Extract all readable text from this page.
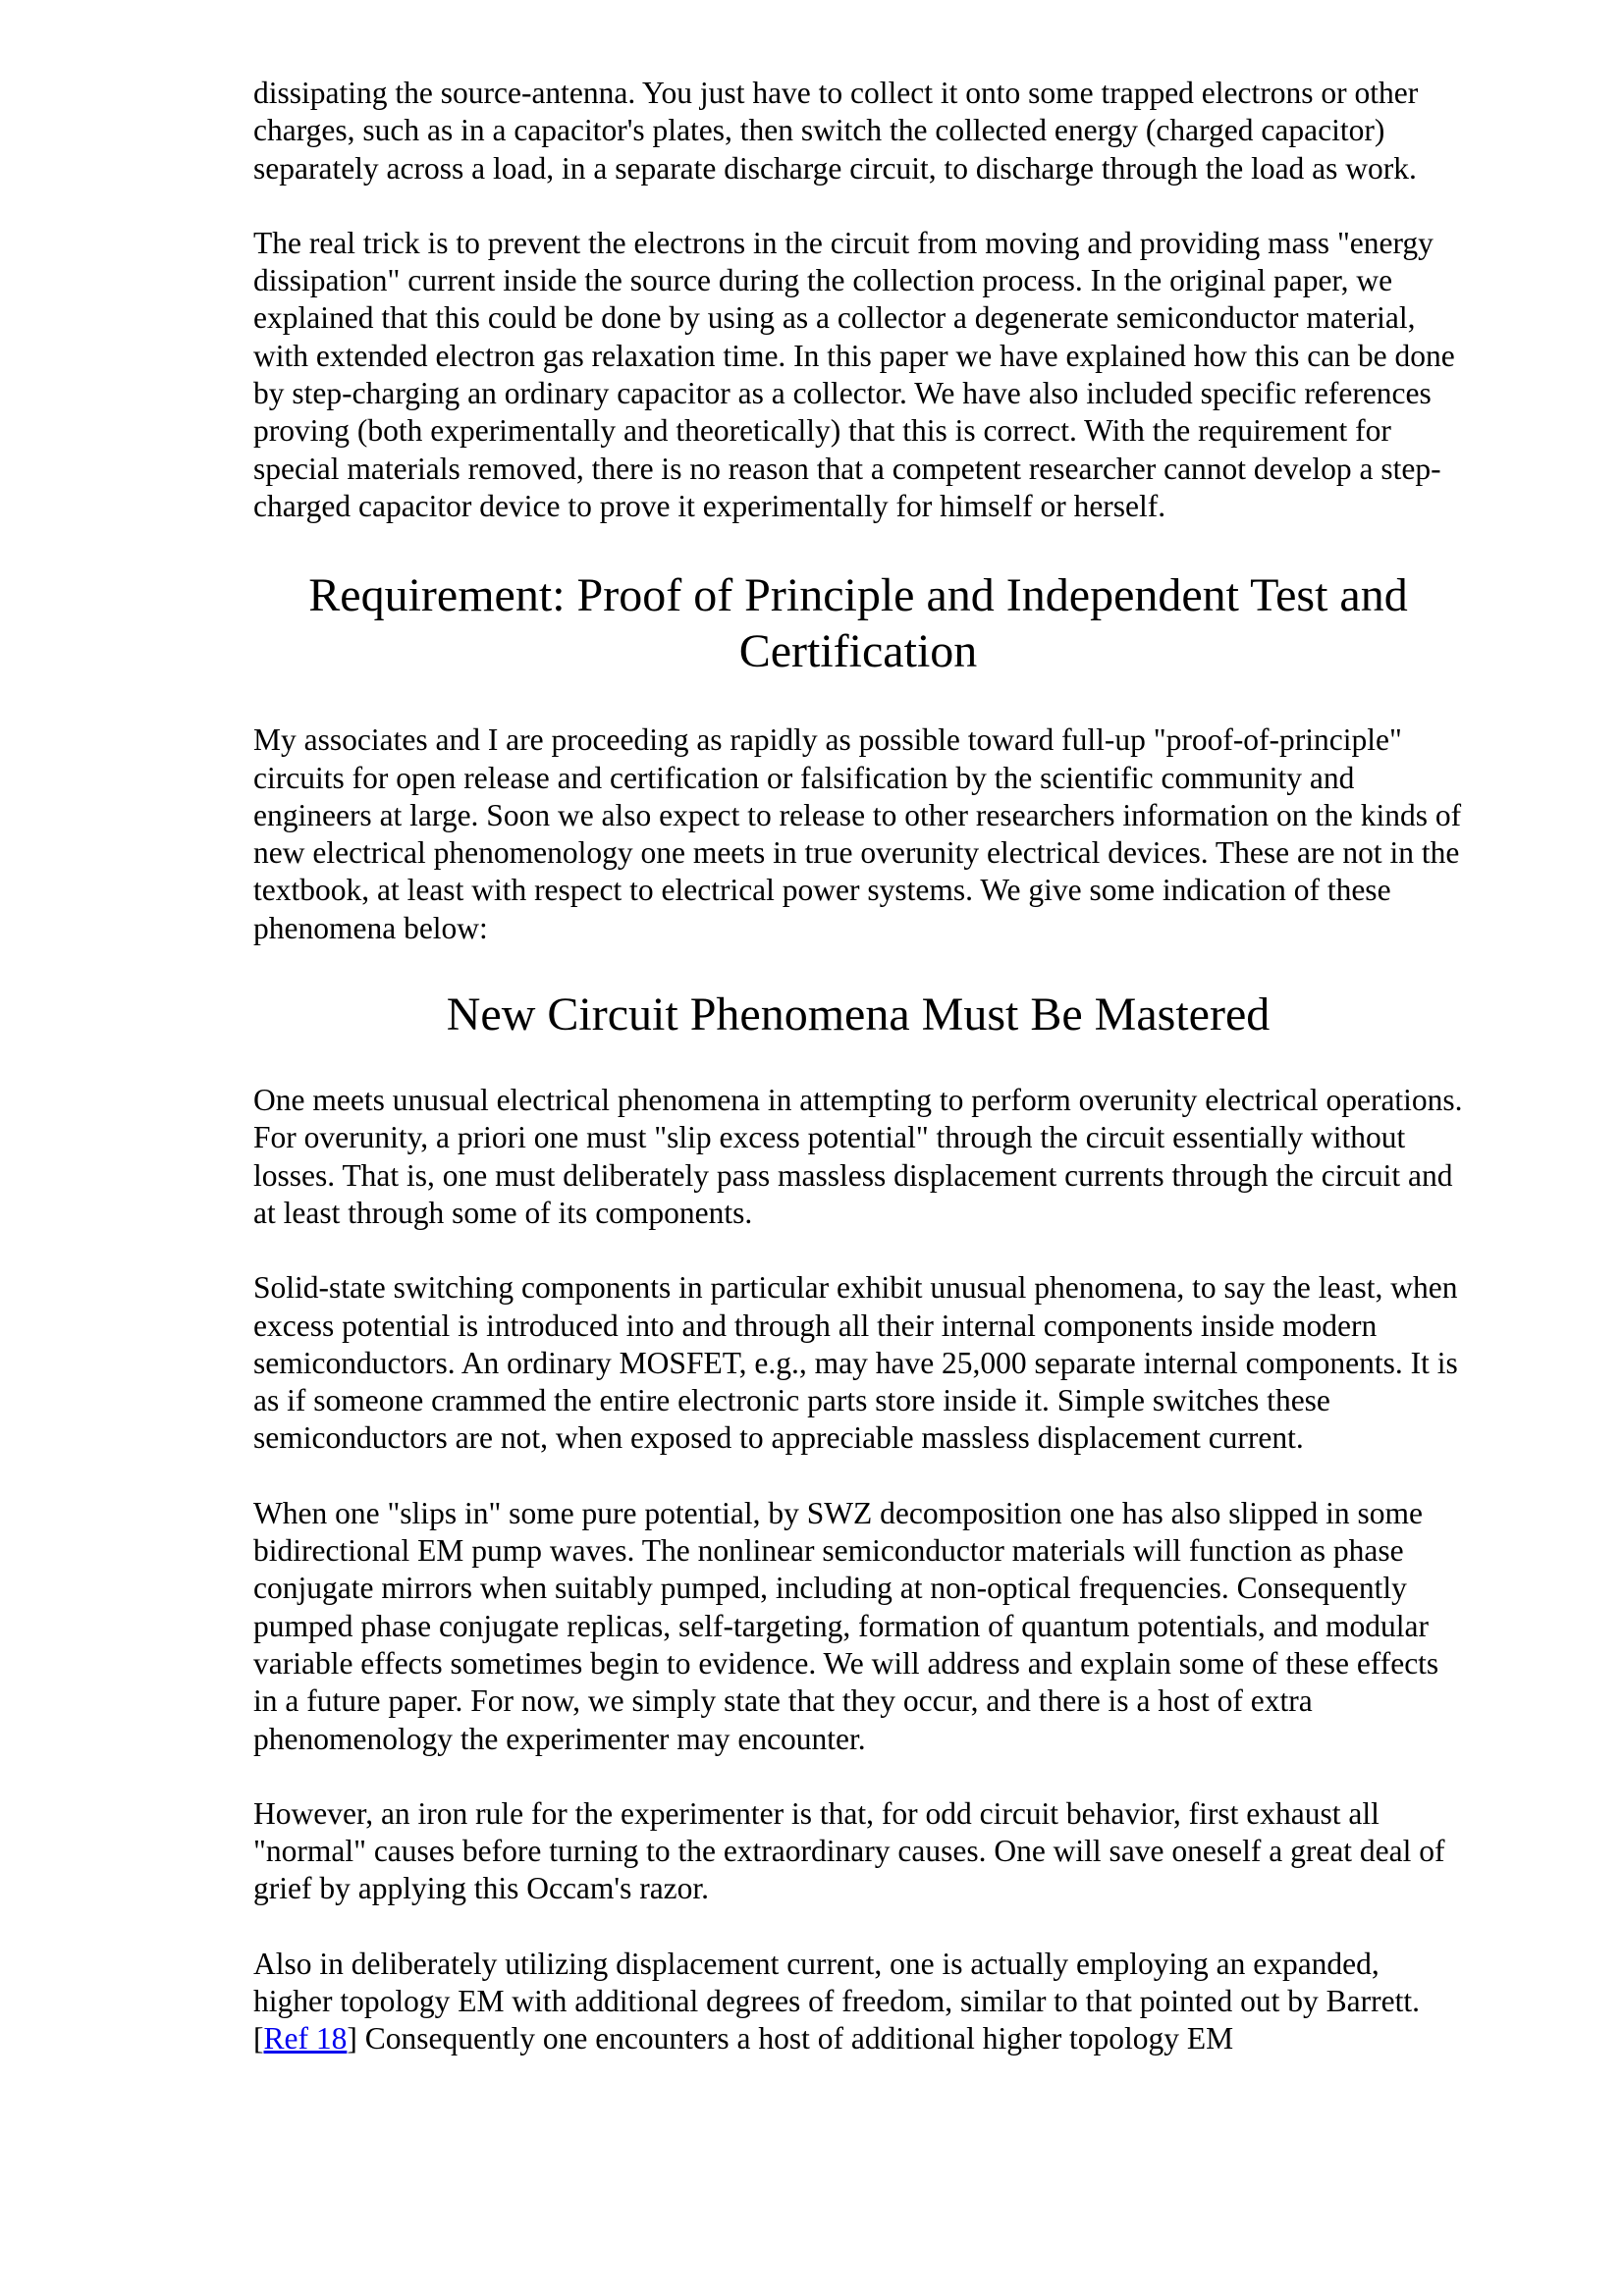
dissipating the source-antenna. You just have to collect it onto some trapped electrons or other charges, such as in a capacitor's plates, then switch the collected energy (charged capacitor) separately across a load, in a separate discharge circuit, to discharge through the load as work.

The real trick is to prevent the electrons in the circuit from moving and providing mass "energy dissipation" current inside the source during the collection process. In the original paper, we explained that this could be done by using as a collector a degenerate semiconductor material, with extended electron gas relaxation time. In this paper we have explained how this can be done by step-charging an ordinary capacitor as a collector. We have also included specific references proving (both experimentally and theoretically) that this is correct. With the requirement for special materials removed, there is no reason that a competent researcher cannot develop a step-charged capacitor device to prove it experimentally for himself or herself.

Requirement: Proof of Principle and Independent Test and
Certification

My associates and I are proceeding as rapidly as possible toward full-up "proof-of-principle" circuits for open release and certification or falsification by the scientific community and engineers at large. Soon we also expect to release to other researchers information on the kinds of new electrical phenomenology one meets in true overunity electrical devices. These are not in the textbook, at least with respect to electrical power systems. We give some indication of these phenomena below:

New Circuit Phenomena Must Be Mastered

One meets unusual electrical phenomena in attempting to perform overunity electrical operations. For overunity, a priori one must "slip excess potential" through the circuit essentially without losses. That is, one must deliberately pass massless displacement currents through the circuit and at least through some of its components.

Solid-state switching components in particular exhibit unusual phenomena, to say the least, when excess potential is introduced into and through all their internal components inside modern semiconductors. An ordinary MOSFET, e.g., may have 25,000 separate internal components. It is as if someone crammed the entire electronic parts store inside it. Simple switches these semiconductors are not, when exposed to appreciable massless displacement current.

When one "slips in" some pure potential, by SWZ decomposition one has also slipped in some bidirectional EM pump waves. The nonlinear semiconductor materials will function as phase conjugate mirrors when suitably pumped, including at non-optical frequencies. Consequently pumped phase conjugate replicas, self-targeting, formation of quantum potentials, and modular variable effects sometimes begin to evidence. We will address and explain some of these effects in a future paper. For now, we simply state that they occur, and there is a host of extra phenomenology the experimenter may encounter.

However, an iron rule for the experimenter is that, for odd circuit behavior, first exhaust all "normal" causes before turning to the extraordinary causes. One will save oneself a great deal of grief by applying this Occam's razor.

Also in deliberately utilizing displacement current, one is actually employing an expanded, higher topology EM with additional degrees of freedom, similar to that pointed out by Barrett. [Ref 18] Consequently one encounters a host of additional higher topology EM
